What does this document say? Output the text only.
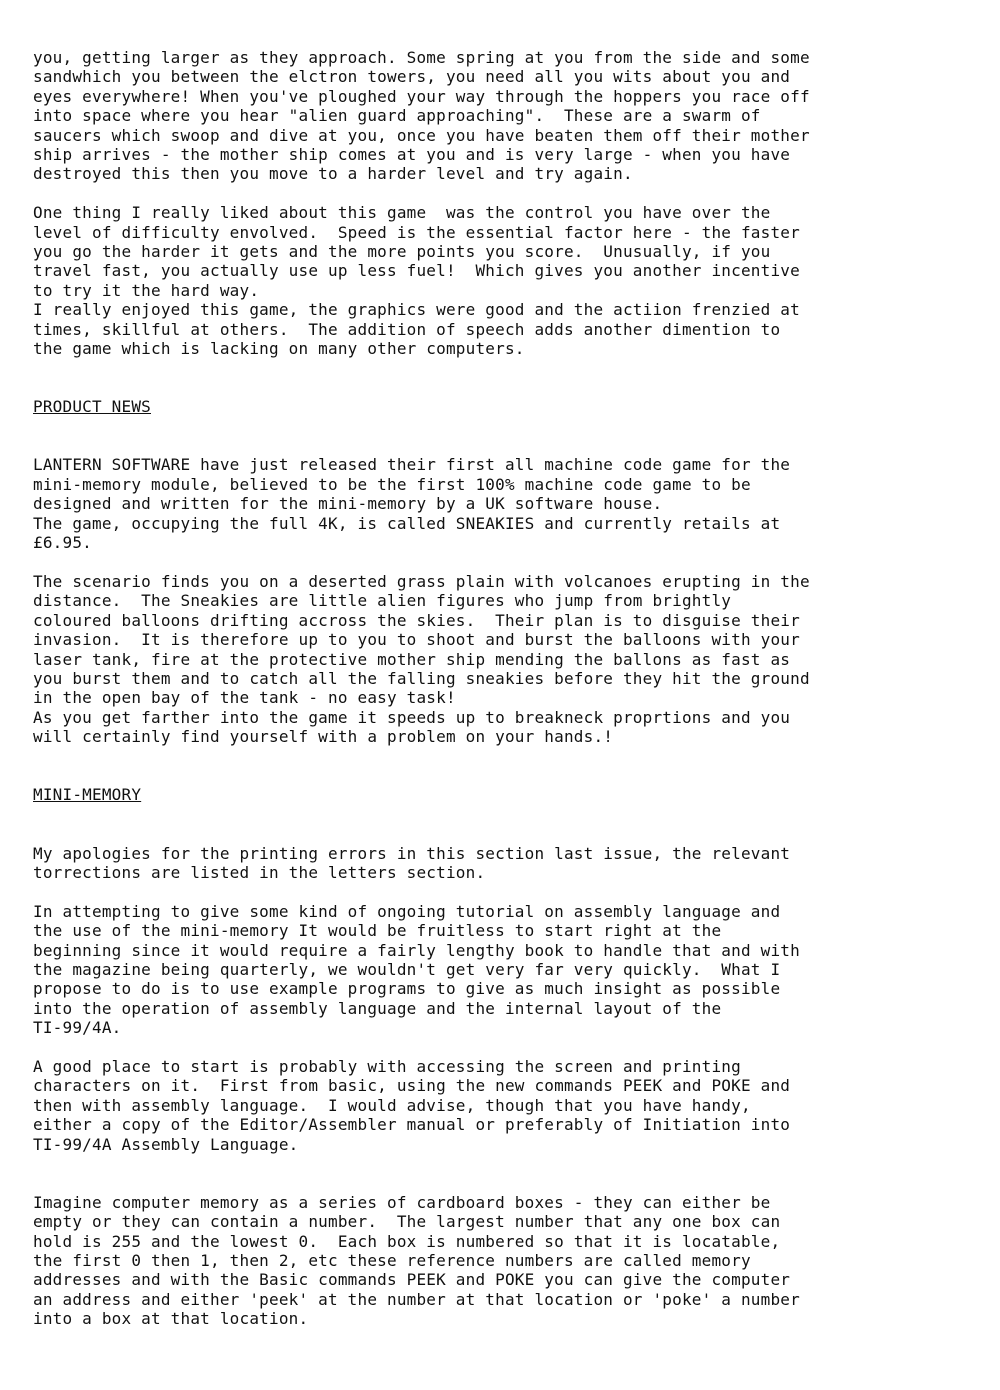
you, getting larger as they approach. Some spring at you from the side and some
sandwhich you between the elctron towers, you need all you wits about you and
eyes everywhere! When you've ploughed your way through the hoppers you race off
into space where you hear "alien guard approaching".  These are a swarm of
saucers which swoop and dive at you, once you have beaten them off their mother
ship arrives - the mother ship comes at you and is very large - when you have
destroyed this then you move to a harder level and try again.

One thing I really liked about this game  was the control you have over the
level of difficulty envolved.  Speed is the essential factor here - the faster
you go the harder it gets and the more points you score.  Unusually, if you
travel fast, you actually use up less fuel!  Which gives you another incentive
to try it the hard way.
I really enjoyed this game, the graphics were good and the actiion frenzied at
times, skillful at others.  The addition of speech adds another dimention to
the game which is lacking on many other computers.

PRODUCT NEWS

LANTERN SOFTWARE have just released their first all machine code game for the
mini-memory module, believed to be the first 100% machine code game to be
designed and written for the mini-memory by a UK software house.
The game, occupying the full 4K, is called SNEAKIES and currently retails at
£6.95.

The scenario finds you on a deserted grass plain with volcanoes erupting in the
distance.  The Sneakies are little alien figures who jump from brightly
coloured balloons drifting accross the skies.  Their plan is to disguise their
invasion.  It is therefore up to you to shoot and burst the balloons with your
laser tank, fire at the protective mother ship mending the ballons as fast as
you burst them and to catch all the falling sneakies before they hit the ground
in the open bay of the tank - no easy task!
As you get farther into the game it speeds up to breakneck proprtions and you
will certainly find yourself with a problem on your hands.!

MINI-MEMORY

My apologies for the printing errors in this section last issue, the relevant
torrections are listed in the letters section.

In attempting to give some kind of ongoing tutorial on assembly language and
the use of the mini-memory It would be fruitless to start right at the
beginning since it would require a fairly lengthy book to handle that and with
the magazine being quarterly, we wouldn't get very far very quickly.  What I
propose to do is to use example programs to give as much insight as possible
into the operation of assembly language and the internal layout of the
TI-99/4A.

A good place to start is probably with accessing the screen and printing
characters on it.  First from basic, using the new commands PEEK and POKE and
then with assembly language.  I would advise, though that you have handy,
either a copy of the Editor/Assembler manual or preferably of Initiation into
TI-99/4A Assembly Language.

Imagine computer memory as a series of cardboard boxes - they can either be
empty or they can contain a number.  The largest number that any one box can
hold is 255 and the lowest 0.  Each box is numbered so that it is locatable,
the first 0 then 1, then 2, etc these reference numbers are called memory
addresses and with the Basic commands PEEK and POKE you can give the computer
an address and either 'peek' at the number at that location or 'poke' a number
into a box at that location.
